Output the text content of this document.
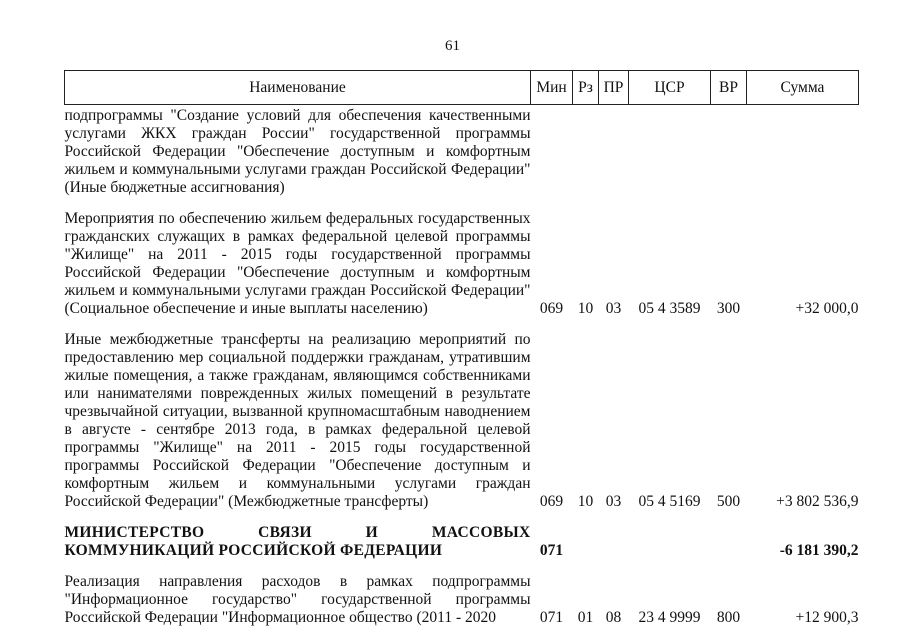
61
Наименование	Мин	Рз	ПР	ЦСР	ВР	Сумма
подпрограммы "Создание условий для обеспечения качественными услугами ЖКХ граждан России" государственной программы Российской Федерации "Обеспечение доступным и комфортным жильем и коммунальными услугами граждан Российской Федерации" (Иные бюджетные ассигнования)						
Мероприятия по обеспечению жильем федеральных государственных гражданских служащих в рамках федеральной целевой программы "Жилище" на 2011 - 2015 годы государственной программы Российской Федерации "Обеспечение доступным и комфортным жильем и коммунальными услугами граждан Российской Федерации" (Социальное обеспечение и иные выплаты населению)	069	10	03	05 4 3589	300	+32 000,0
Иные межбюджетные трансферты на реализацию мероприятий по предоставлению мер социальной поддержки гражданам, утратившим жилые помещения, а также гражданам, являющимся собственниками или нанимателями поврежденных жилых помещений в результате чрезвычайной ситуации, вызванной крупномасштабным наводнением в августе - сентябре 2013 года, в рамках федеральной целевой программы "Жилище" на 2011 - 2015 годы государственной программы Российской Федерации "Обеспечение доступным и комфортным жильем и коммунальными услугами граждан Российской Федерации" (Межбюджетные трансферты)	069	10	03	05 4 5169	500	+3 802 536,9
МИНИСТЕРСТВО СВЯЗИ И МАССОВЫХ КОММУНИКАЦИЙ РОССИЙСКОЙ ФЕДЕРАЦИИ	071					-6 181 390,2
Реализация направления расходов в рамках подпрограммы "Информационное государство" государственной программы Российской Федерации "Информационное общество (2011 - 2020	071	01	08	23 4 9999	800	+12 900,3
